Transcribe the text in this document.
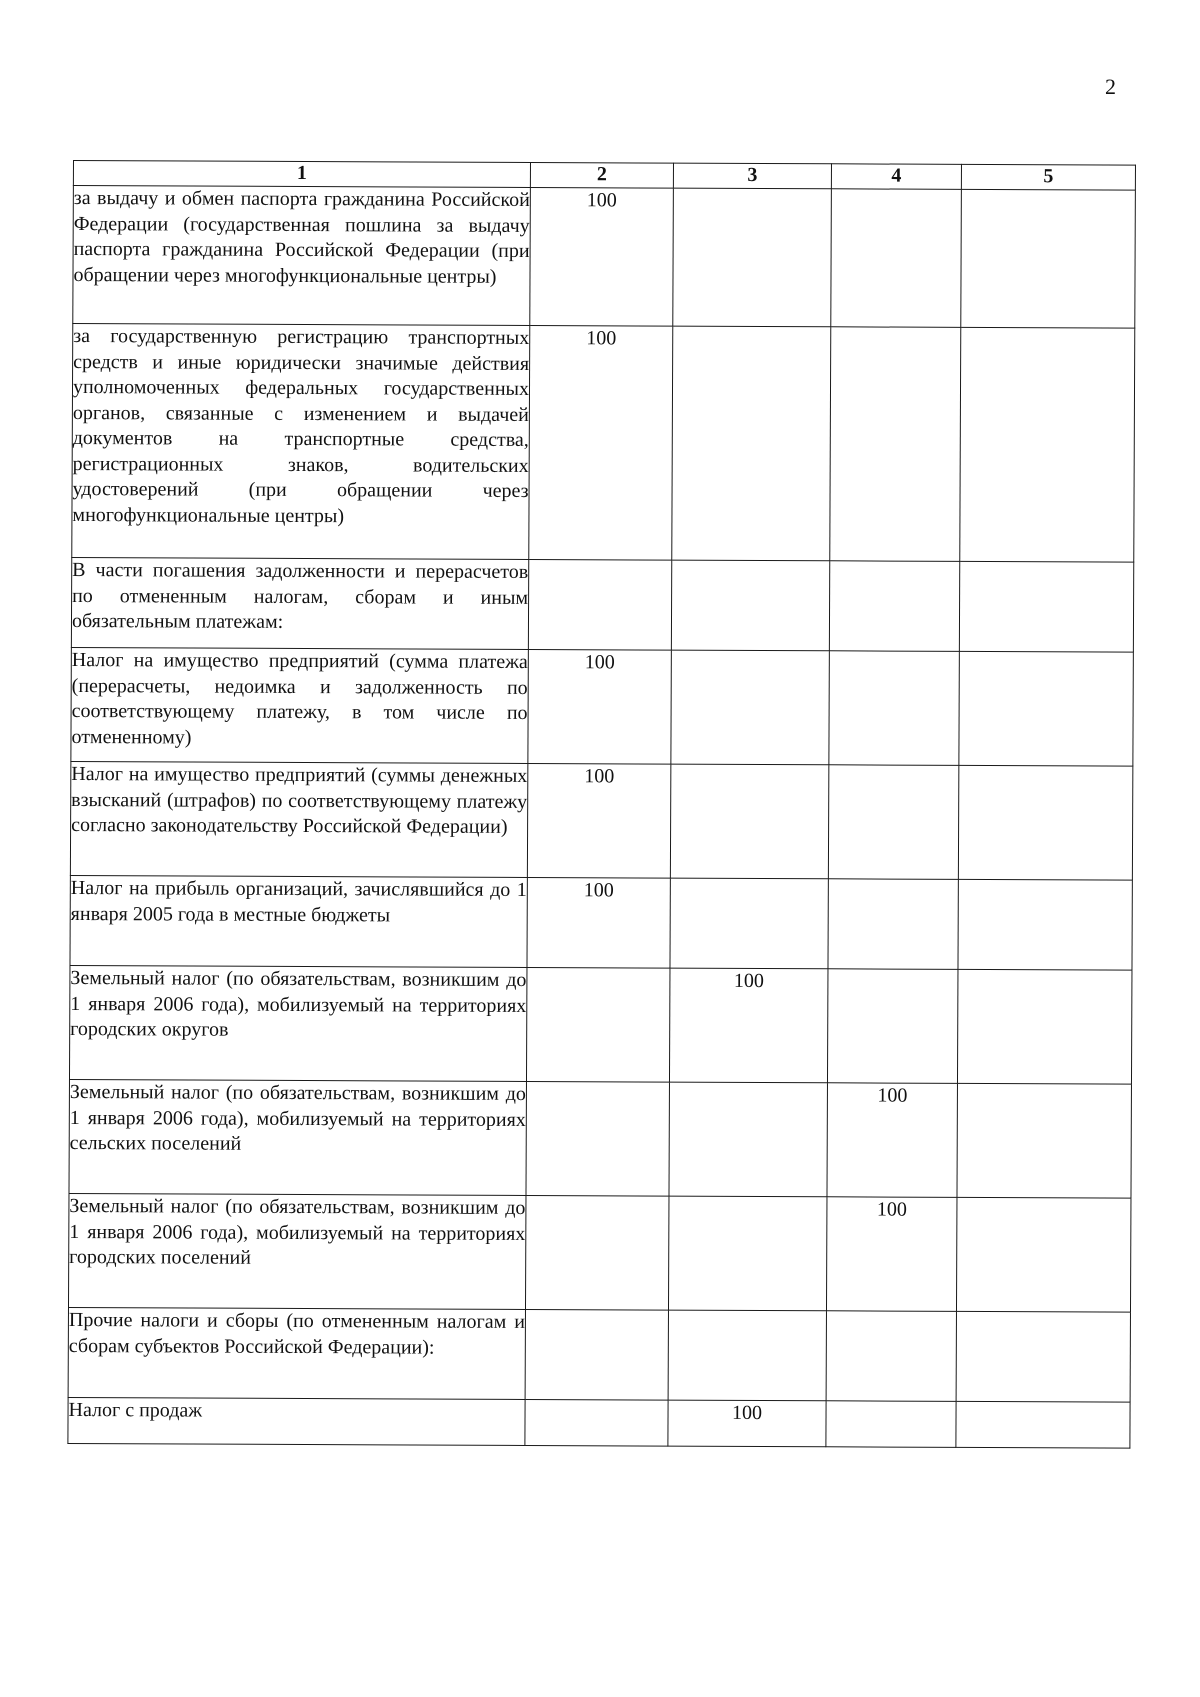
2
1	2	3	4	5
за выдачу и обмен паспорта гражданина Российской Федерации (государственная пошлина за выдачу паспорта гражданина Российской Федерации (при обращении через многофункциональные центры)	100			
за государственную регистрацию транспортных средств и иные юридически значимые действия уполномоченных федеральных государственных органов, связанные с изменением и выдачей документов на транспортные средства, регистрационных знаков, водительских удостоверений (при обращении через многофункциональные центры)	100			
В части погашения задолженности и перерасчетов по отмененным налогам, сборам и иным обязательным платежам:				
Налог на имущество предприятий (сумма платежа (перерасчеты, недоимка и задолженность по соответствующему платежу, в том числе по отмененному)	100			
Налог на имущество предприятий (суммы денежных взысканий (штрафов) по соответствующему платежу согласно законодательству Российской Федерации)	100			
Налог на прибыль организаций, зачислявшийся до 1 января 2005 года в местные бюджеты	100			
Земельный налог (по обязательствам, возникшим до 1 января 2006 года), мобилизуемый на территориях городских округов		100		
Земельный налог (по обязательствам, возникшим до 1 января 2006 года), мобилизуемый на территориях сельских поселений			100	
Земельный налог (по обязательствам, возникшим до 1 января 2006 года), мобилизуемый на территориях городских поселений			100	
Прочие налоги и сборы (по отмененным налогам и сборам субъектов Российской Федерации):				
Налог с продаж		100		
